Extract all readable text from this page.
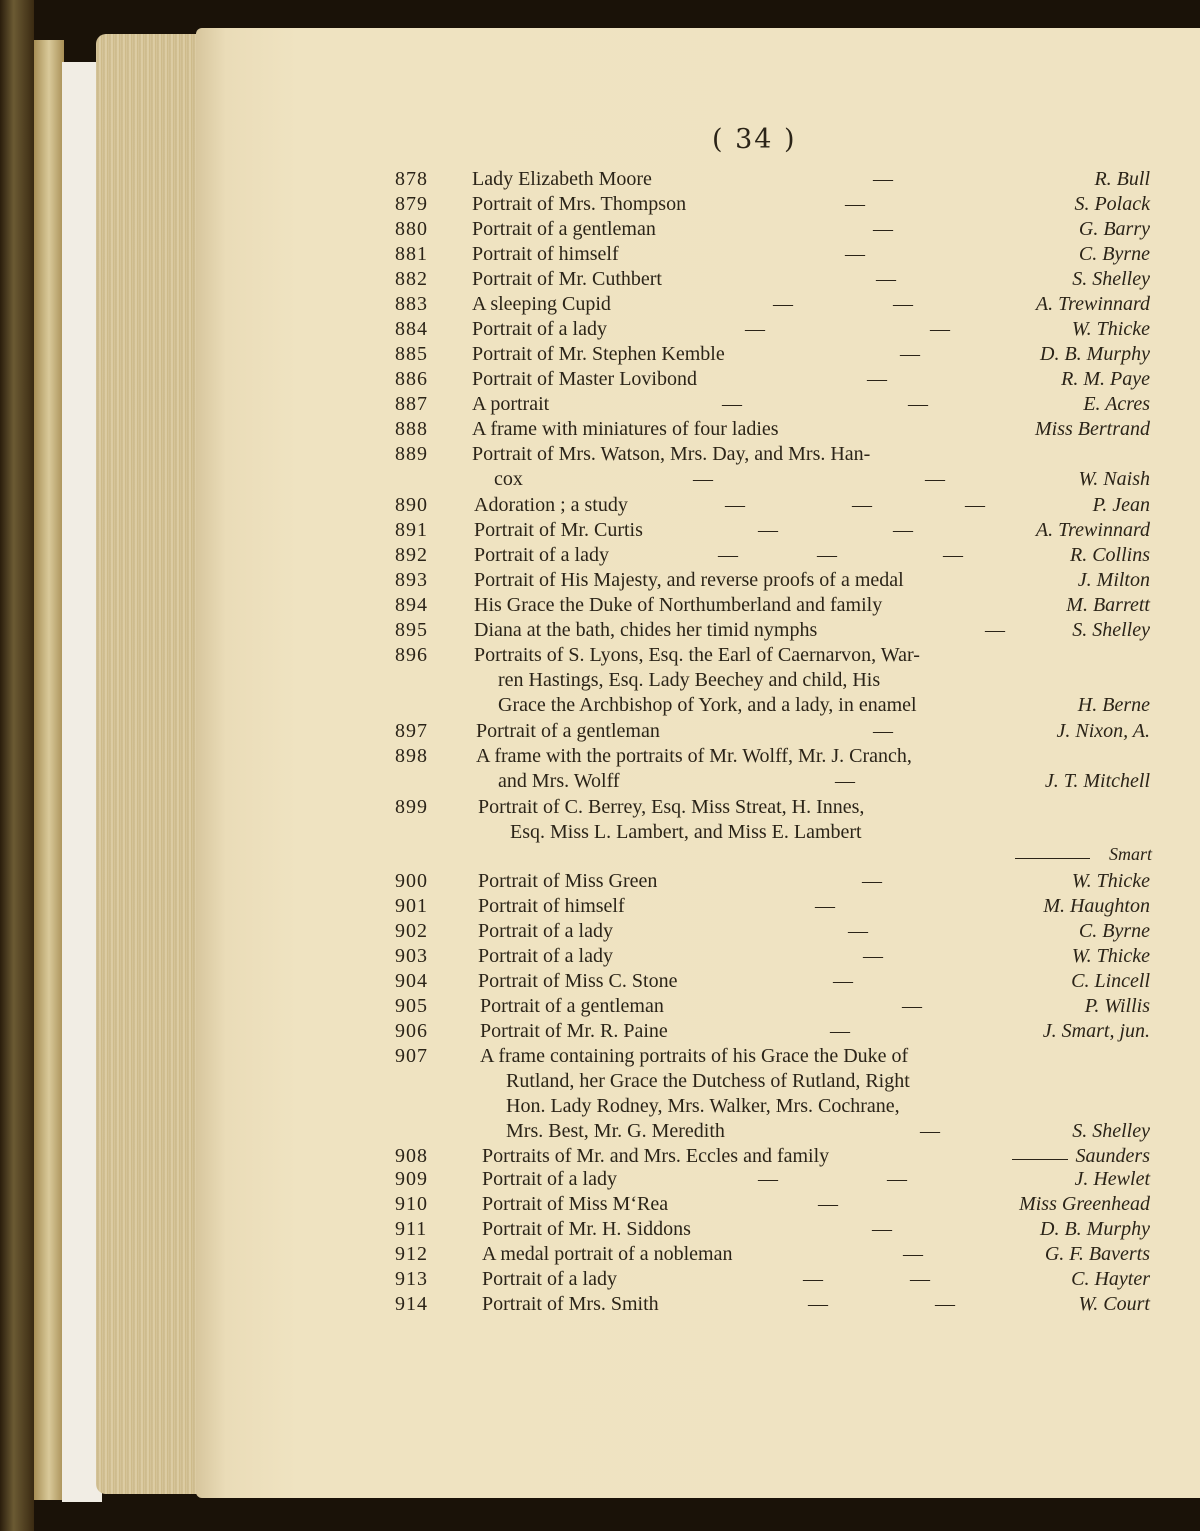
( 34 )
878	Lady Elizabeth Moore	—	R. Bull
879	Portrait of Mrs. Thompson	—	S. Polack
880	Portrait of a gentleman	—	G. Barry
881	Portrait of himself	—	C. Byrne
882	Portrait of Mr. Cuthbert	—	S. Shelley
883	A sleeping Cupid	—	—	A. Trewinnard
884	Portrait of a lady	—	—	W. Thicke
885	Portrait of Mr. Stephen Kemble	—	D. B. Murphy
886	Portrait of Master Lovibond	—	R. M. Paye
887	A portrait	—	—	E. Acres
888	A frame with miniatures of four ladies	Miss Bertrand
889	Portrait of Mrs. Watson, Mrs. Day, and Mrs. Han-
cox	—	—	W. Naish
890	Adoration ; a study	—	—	—	P. Jean
891	Portrait of Mr. Curtis	—	—	A. Trewinnard
892	Portrait of a lady	—	—	—	R. Collins
893	Portrait of His Majesty, and reverse proofs of a medal	J. Milton
894	His Grace the Duke of Northumberland and family	M. Barrett
895	Diana at the bath, chides her timid nymphs	—	S. Shelley
896	Portraits of S. Lyons, Esq. the Earl of Caernarvon, War-
ren Hastings, Esq. Lady Beechey and child, His
Grace the Archbishop of York, and a lady, in enamel	H. Berne
897	Portrait of a gentleman	—	J. Nixon, A.
898	A frame with the portraits of Mr. Wolff, Mr. J. Cranch,
and Mrs. Wolff	—	J. T. Mitchell
899	Portrait of C. Berrey, Esq. Miss Streat, H. Innes,
Esq. Miss L. Lambert, and Miss E. Lambert
Smart
900	Portrait of Miss Green	—	W. Thicke
901	Portrait of himself	—	M. Haughton
902	Portrait of a lady	—	C. Byrne
903	Portrait of a lady	—	W. Thicke
904	Portrait of Miss C. Stone	—	C. Lincell
905	Portrait of a gentleman	—	P. Willis
906	Portrait of Mr. R. Paine	—	J. Smart, jun.
907	A frame containing portraits of his Grace the Duke of
Rutland, her Grace the Dutchess of Rutland, Right
Hon. Lady Rodney, Mrs. Walker, Mrs. Cochrane,
Mrs. Best, Mr. G. Meredith	—	S. Shelley
908	Portraits of Mr. and Mrs. Eccles and family	Saunders
909	Portrait of a lady	—	—	J. Hewlet
910	Portrait of Miss M‘Rea	—	Miss Greenhead
911	Portrait of Mr. H. Siddons	—	D. B. Murphy
912	A medal portrait of a nobleman	—	G. F. Baverts
913	Portrait of a lady	—	—	C. Hayter
914	Portrait of Mrs. Smith	—	—	W. Court
